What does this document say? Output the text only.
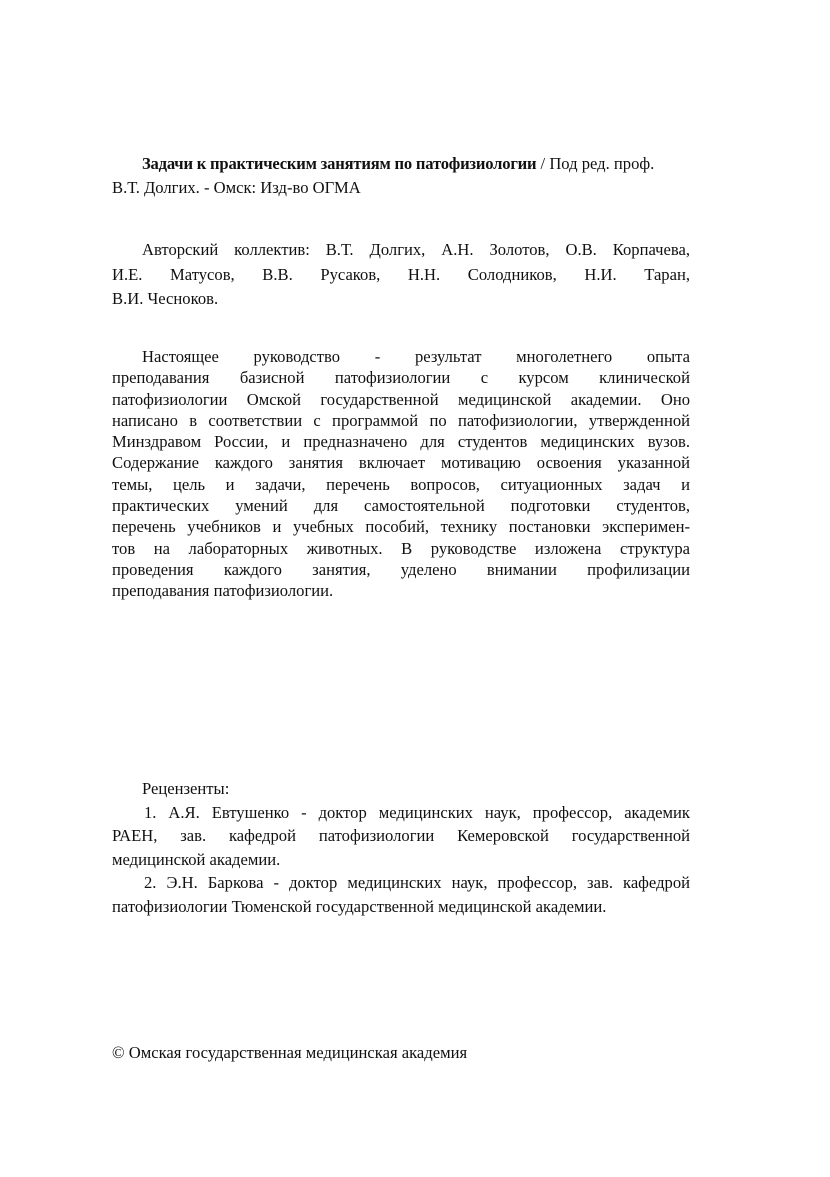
Задачи к практическим занятиям по патофизиологии / Под ред. проф.
В.Т. Долгих. - Омск: Изд-во ОГМА
Авторский коллектив: В.Т. Долгих, А.Н. Золотов, О.В. Корпачева,
И.Е. Матусов, В.В. Русаков, Н.Н. Солодников, Н.И. Таран,
В.И. Чесноков.
Настоящее руководство - результат многолетнего опыта
преподавания базисной патофизиологии с курсом клинической
патофизиологии Омской государственной медицинской академии. Оно
написано в соответствии с программой по патофизиологии, утвержденной
Минздравом России, и предназначено для студентов медицинских вузов.
Содержание каждого занятия включает мотивацию освоения указанной
темы, цель и задачи, перечень вопросов, ситуационных задач и
практических умений для самостоятельной подготовки студентов,
перечень учебников и учебных пособий, технику постановки эксперимен-
тов на лабораторных животных. В руководстве изложена структура
проведения каждого занятия, уделено внимании профилизации
преподавания патофизиологии.
Рецензенты:
1. А.Я. Евтушенко - доктор медицинских наук, профессор, академик
РАЕН, зав. кафедрой патофизиологии Кемеровской государственной
медицинской академии.
2. Э.Н. Баркова - доктор медицинских наук, профессор, зав. кафедрой
патофизиологии Тюменской государственной медицинской академии.
© Омская государственная медицинская академия
